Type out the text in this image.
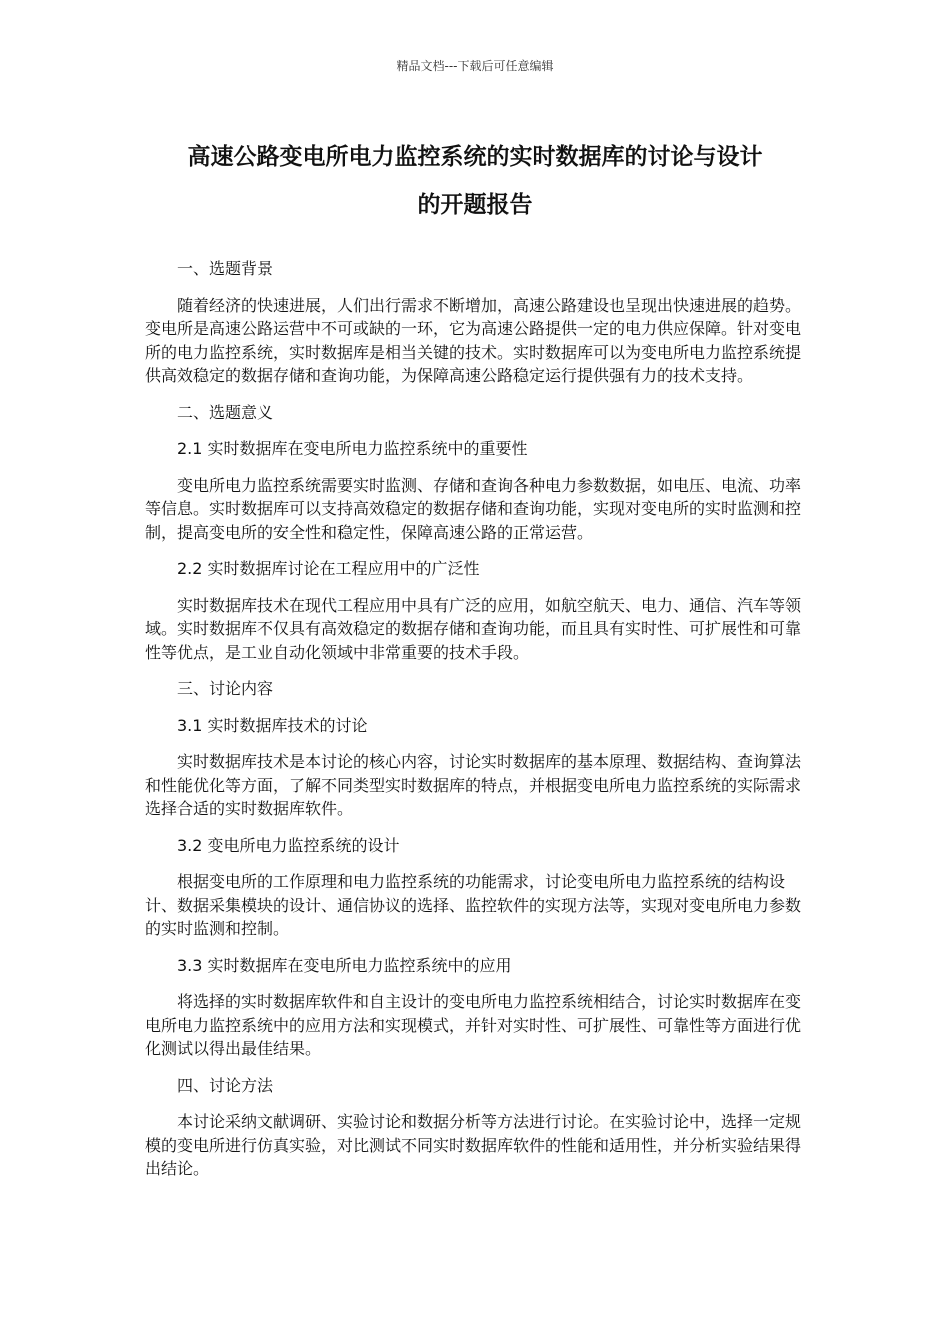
精品文档---下载后可任意编辑
高速公路变电所电力监控系统的实时数据库的讨论与设计
的开题报告

一、选题背景

随着经济的快速进展，人们出行需求不断增加，高速公路建设也呈现出快速进展的趋势。变电所是高速公路运营中不可或缺的一环，它为高速公路提供一定的电力供应保障。针对变电所的电力监控系统，实时数据库是相当关键的技术。实时数据库可以为变电所电力监控系统提供高效稳定的数据存储和查询功能，为保障高速公路稳定运行提供强有力的技术支持。

二、选题意义

2.1 实时数据库在变电所电力监控系统中的重要性

变电所电力监控系统需要实时监测、存储和查询各种电力参数数据，如电压、电流、功率等信息。实时数据库可以支持高效稳定的数据存储和查询功能，实现对变电所的实时监测和控制，提高变电所的安全性和稳定性，保障高速公路的正常运营。

2.2 实时数据库讨论在工程应用中的广泛性

实时数据库技术在现代工程应用中具有广泛的应用，如航空航天、电力、通信、汽车等领域。实时数据库不仅具有高效稳定的数据存储和查询功能，而且具有实时性、可扩展性和可靠性等优点，是工业自动化领域中非常重要的技术手段。

三、讨论内容

3.1 实时数据库技术的讨论

实时数据库技术是本讨论的核心内容，讨论实时数据库的基本原理、数据结构、查询算法和性能优化等方面，了解不同类型实时数据库的特点，并根据变电所电力监控系统的实际需求选择合适的实时数据库软件。

3.2 变电所电力监控系统的设计

根据变电所的工作原理和电力监控系统的功能需求，讨论变电所电力监控系统的结构设计、数据采集模块的设计、通信协议的选择、监控软件的实现方法等，实现对变电所电力参数的实时监测和控制。

3.3 实时数据库在变电所电力监控系统中的应用

将选择的实时数据库软件和自主设计的变电所电力监控系统相结合，讨论实时数据库在变电所电力监控系统中的应用方法和实现模式，并针对实时性、可扩展性、可靠性等方面进行优化测试以得出最佳结果。

四、讨论方法

本讨论采纳文献调研、实验讨论和数据分析等方法进行讨论。在实验讨论中，选择一定规模的变电所进行仿真实验，对比测试不同实时数据库软件的性能和适用性，并分析实验结果得出结论。
